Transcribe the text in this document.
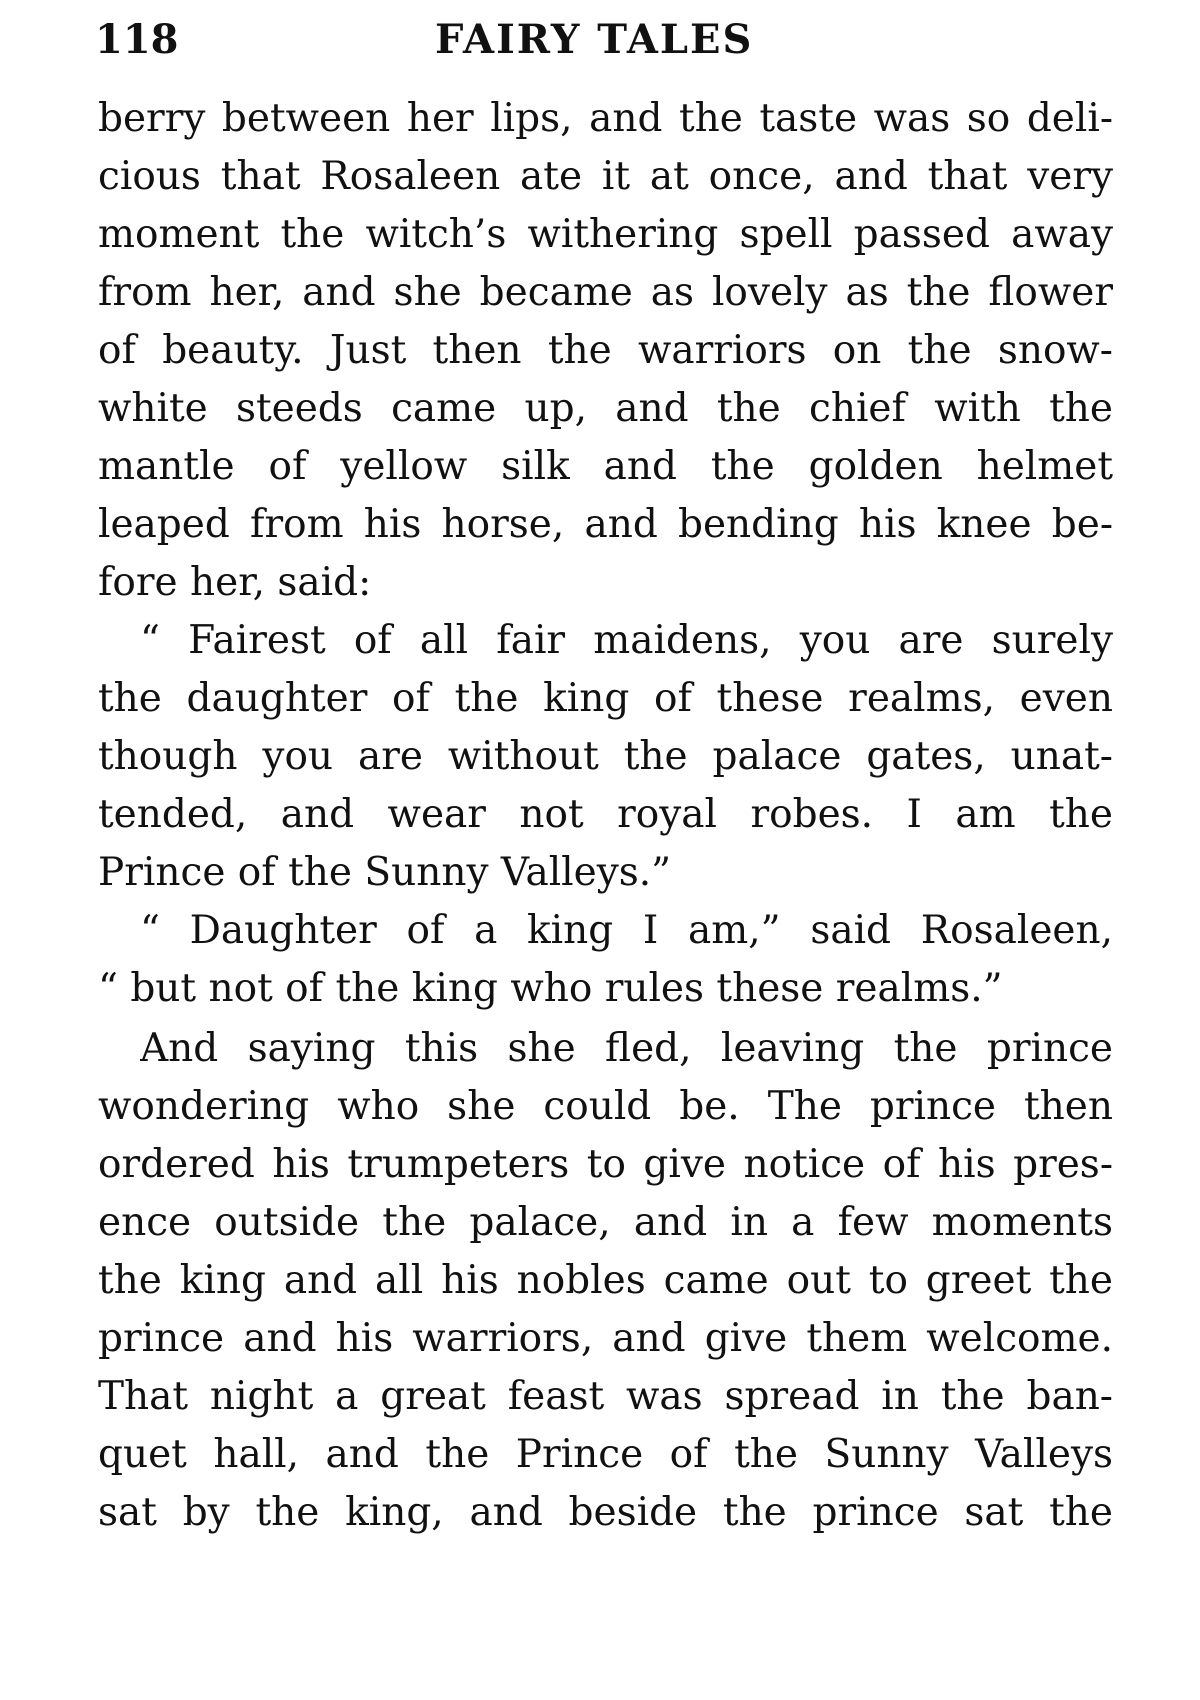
118	FAIRY TALES
berry between her lips, and the taste was so deli-
cious that Rosaleen ate it at once, and that very
moment the witch’s withering spell passed away
from her, and she became as lovely as the flower
of beauty. Just then the warriors on the snow-
white steeds came up, and the chief with the
mantle of yellow silk and the golden helmet
leaped from his horse, and bending his knee be-
fore her, said:
“ Fairest of all fair maidens, you are surely
the daughter of the king of these realms, even
though you are without the palace gates, unat-
tended, and wear not royal robes. I am the
Prince of the Sunny Valleys.”
“ Daughter of a king I am,” said Rosaleen,
“ but not of the king who rules these realms.”
And saying this she fled, leaving the prince
wondering who she could be. The prince then
ordered his trumpeters to give notice of his pres-
ence outside the palace, and in a few moments
the king and all his nobles came out to greet the
prince and his warriors, and give them welcome.
That night a great feast was spread in the ban-
quet hall, and the Prince of the Sunny Valleys
sat by the king, and beside the prince sat the
